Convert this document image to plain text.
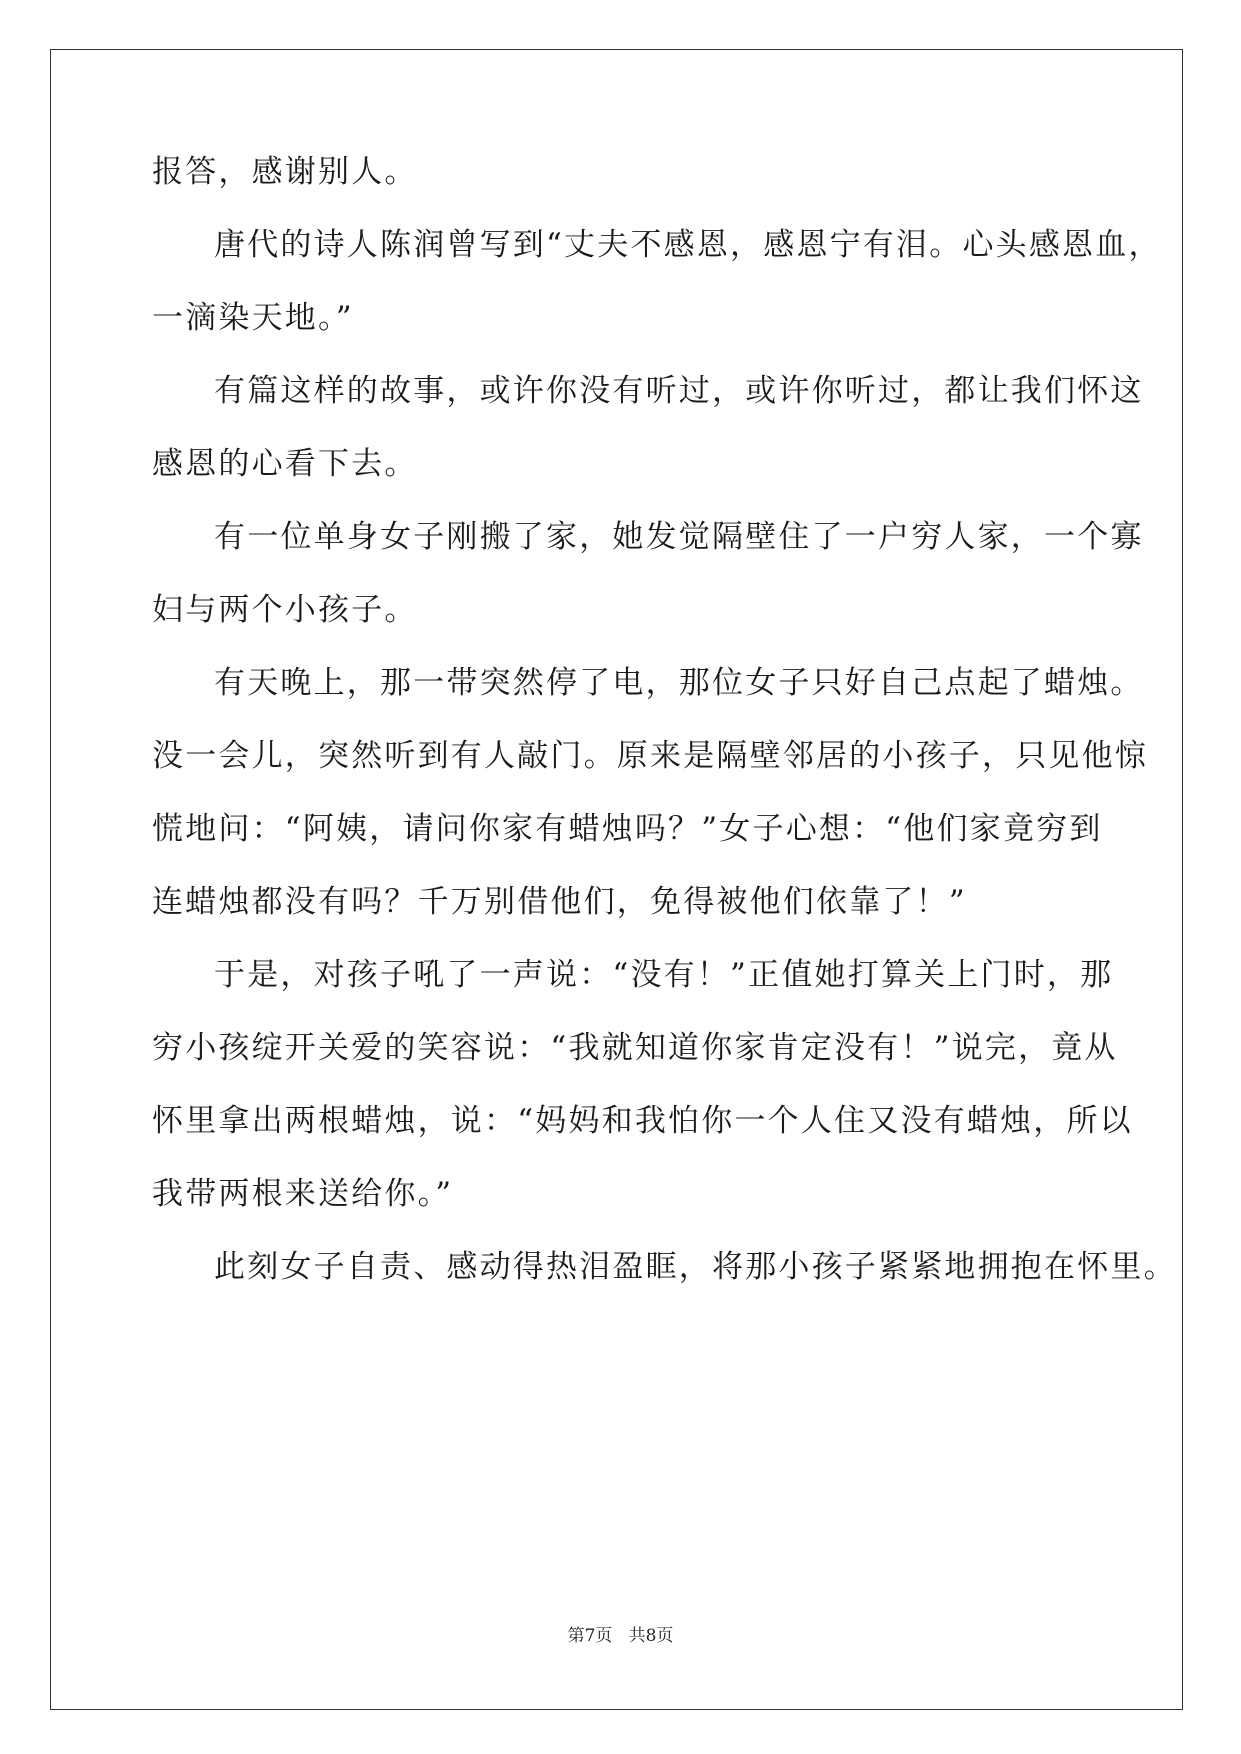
报答，感谢别人。
唐代的诗人陈润曾写到“丈夫不感恩，感恩宁有泪。心头感恩血，
一滴染天地。”
有篇这样的故事，或许你没有听过，或许你听过，都让我们怀这
感恩的心看下去。
有一位单身女子刚搬了家，她发觉隔壁住了一户穷人家，一个寡
妇与两个小孩子。
有天晚上，那一带突然停了电，那位女子只好自己点起了蜡烛。
没一会儿，突然听到有人敲门。原来是隔壁邻居的小孩子，只见他惊
慌地问：“阿姨，请问你家有蜡烛吗？”女子心想：“他们家竟穷到
连蜡烛都没有吗？千万别借他们，免得被他们依靠了！”
于是，对孩子吼了一声说：“没有！”正值她打算关上门时，那
穷小孩绽开关爱的笑容说：“我就知道你家肯定没有！”说完，竟从
怀里拿出两根蜡烛，说：“妈妈和我怕你一个人住又没有蜡烛，所以
我带两根来送给你。”
此刻女子自责、感动得热泪盈眶，将那小孩子紧紧地拥抱在怀里。
第7页   共8页
